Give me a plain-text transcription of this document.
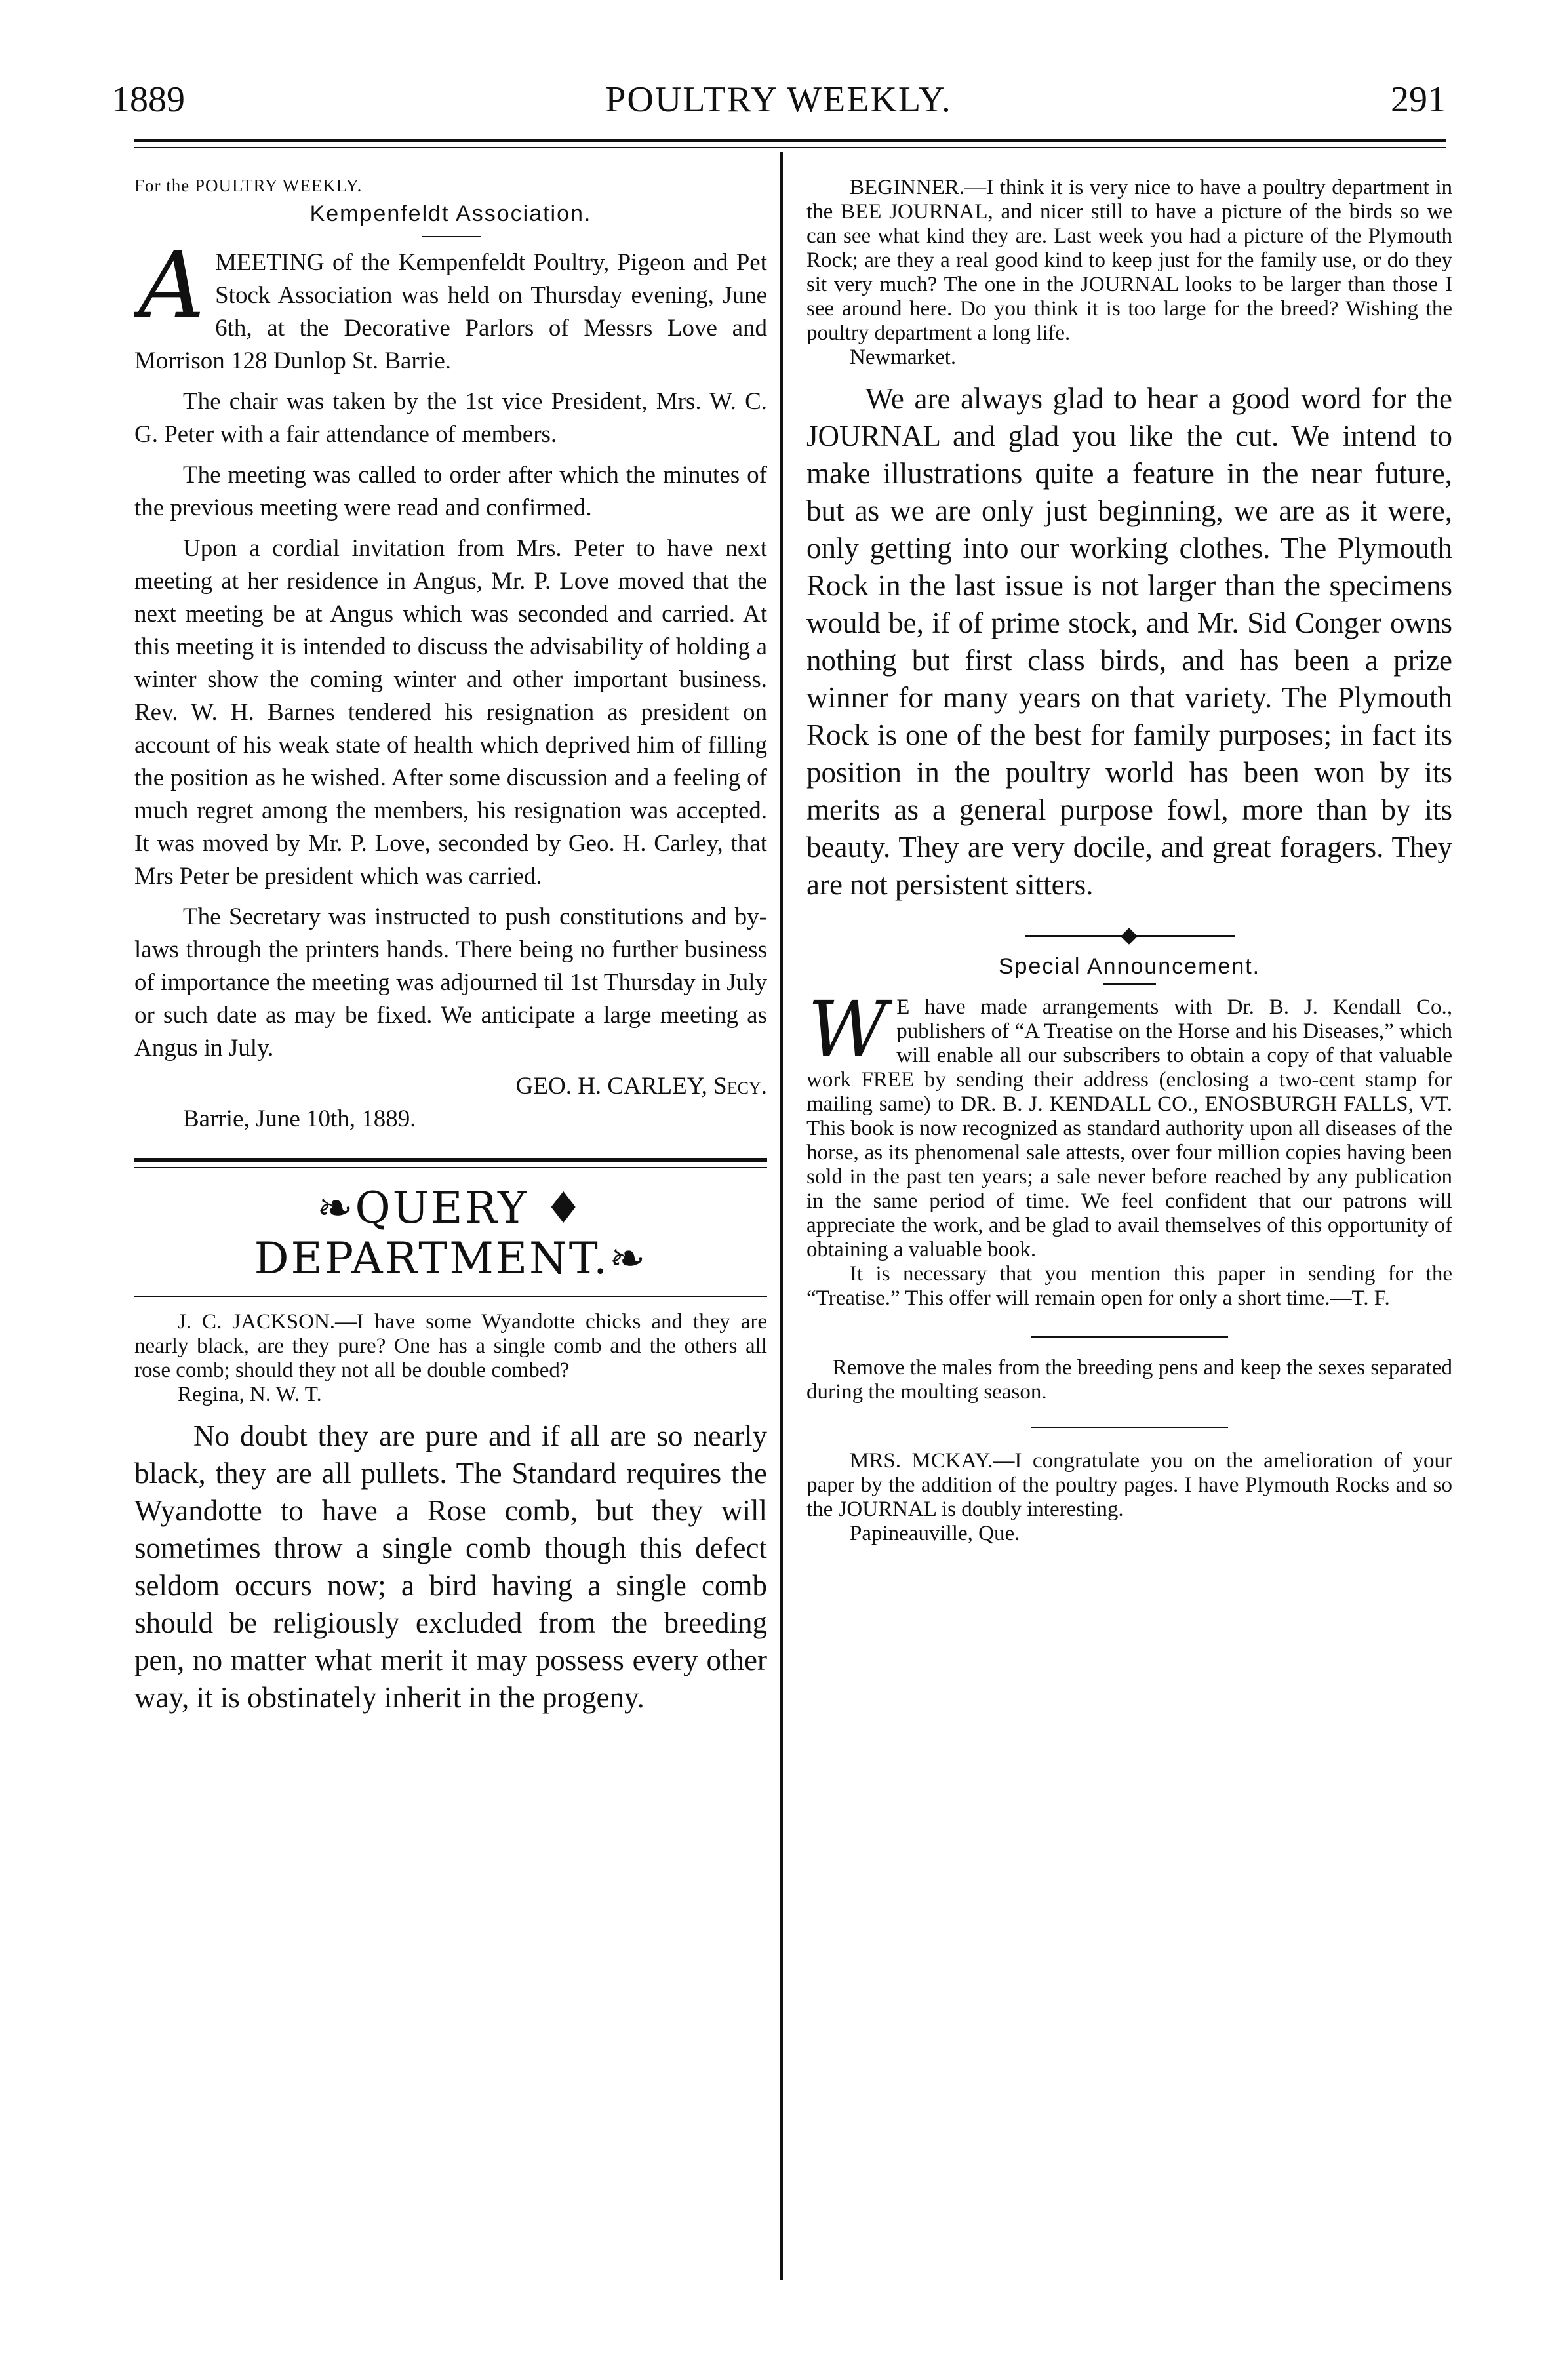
1889	POULTRY WEEKLY.	291
For the POULTRY WEEKLY.
Kempenfeldt Association.

AMEETING of the Kempenfeldt Poultry, Pigeon and Pet Stock Association was held on Thursday evening, June 6th, at the Decorative Parlors of Messrs Love and Morrison 128 Dunlop St. Barrie.

The chair was taken by the 1st vice President, Mrs. W. C. G. Peter with a fair attendance of members.

The meeting was called to order after which the minutes of the previous meeting were read and confirmed.

Upon a cordial invitation from Mrs. Peter to have next meeting at her residence in Angus, Mr. P. Love moved that the next meeting be at Angus which was seconded and carried. At this meeting it is intended to discuss the advisability of holding a winter show the coming winter and other important business. Rev. W. H. Barnes tendered his resignation as president on account of his weak state of health which deprived him of filling the position as he wished. After some discussion and a feeling of much regret among the members, his resignation was accepted. It was moved by Mr. P. Love, seconded by Geo. H. Carley, that Mrs Peter be president which was carried.

The Secretary was instructed to push constitutions and by-laws through the printers hands. There being no further business of importance the meeting was adjourned til 1st Thursday in July or such date as may be fixed. We anticipate a large meeting as Angus in July.

GEO. H. CARLEY, Secy.

Barrie, June 10th, 1889.

❧QUERY ♦ DEPARTMENT.❧

J. C. JACKSON.—I have some Wyandotte chicks and they are nearly black, are they pure? One has a single comb and the others all rose comb; should they not all be double combed?

Regina, N. W. T.

No doubt they are pure and if all are so nearly black, they are all pullets. The Standard requires the Wyandotte to have a Rose comb, but they will sometimes throw a single comb though this defect seldom occurs now; a bird having a single comb should be religiously excluded from the breeding pen, no matter what merit it may possess every other way, it is obstinately inherit in the progeny.

BEGINNER.—I think it is very nice to have a poultry department in the BEE JOURNAL, and nicer still to have a picture of the birds so we can see what kind they are. Last week you had a picture of the Plymouth Rock; are they a real good kind to keep just for the family use, or do they sit very much? The one in the JOURNAL looks to be larger than those I see around here. Do you think it is too large for the breed? Wishing the poultry department a long life.

Newmarket.

We are always glad to hear a good word for the JOURNAL and glad you like the cut. We intend to make illustrations quite a feature in the near future, but as we are only just beginning, we are as it were, only getting into our working clothes. The Plymouth Rock in the last issue is not larger than the specimens would be, if of prime stock, and Mr. Sid Conger owns nothing but first class birds, and has been a prize winner for many years on that variety. The Plymouth Rock is one of the best for family purposes; in fact its position in the poultry world has been won by its merits as a general purpose fowl, more than by its beauty. They are very docile, and great foragers. They are not persistent sitters.

Special Announcement.

W E have made arrangements with Dr. B. J. Kendall Co., publishers of “A Treatise on the Horse and his Diseases,” which will enable all our subscribers to obtain a copy of that valuable work FREE by sending their address (enclosing a two-cent stamp for mailing same) to DR. B. J. KENDALL CO., ENOSBURGH FALLS, VT. This book is now recognized as standard authority upon all diseases of the horse, as its phenomenal sale attests, over four million copies having been sold in the past ten years; a sale never before reached by any publication in the same period of time. We feel confident that our patrons will appreciate the work, and be glad to avail themselves of this opportunity of obtaining a valuable book.

It is necessary that you mention this paper in sending for the “Treatise.” This offer will remain open for only a short time.—T. F.

Remove the males from the breeding pens and keep the sexes separated during the moulting season.

MRS. MCKAY.—I congratulate you on the amelioration of your paper by the addition of the poultry pages. I have Plymouth Rocks and so the JOURNAL is doubly interesting.

Papineauville, Que.
